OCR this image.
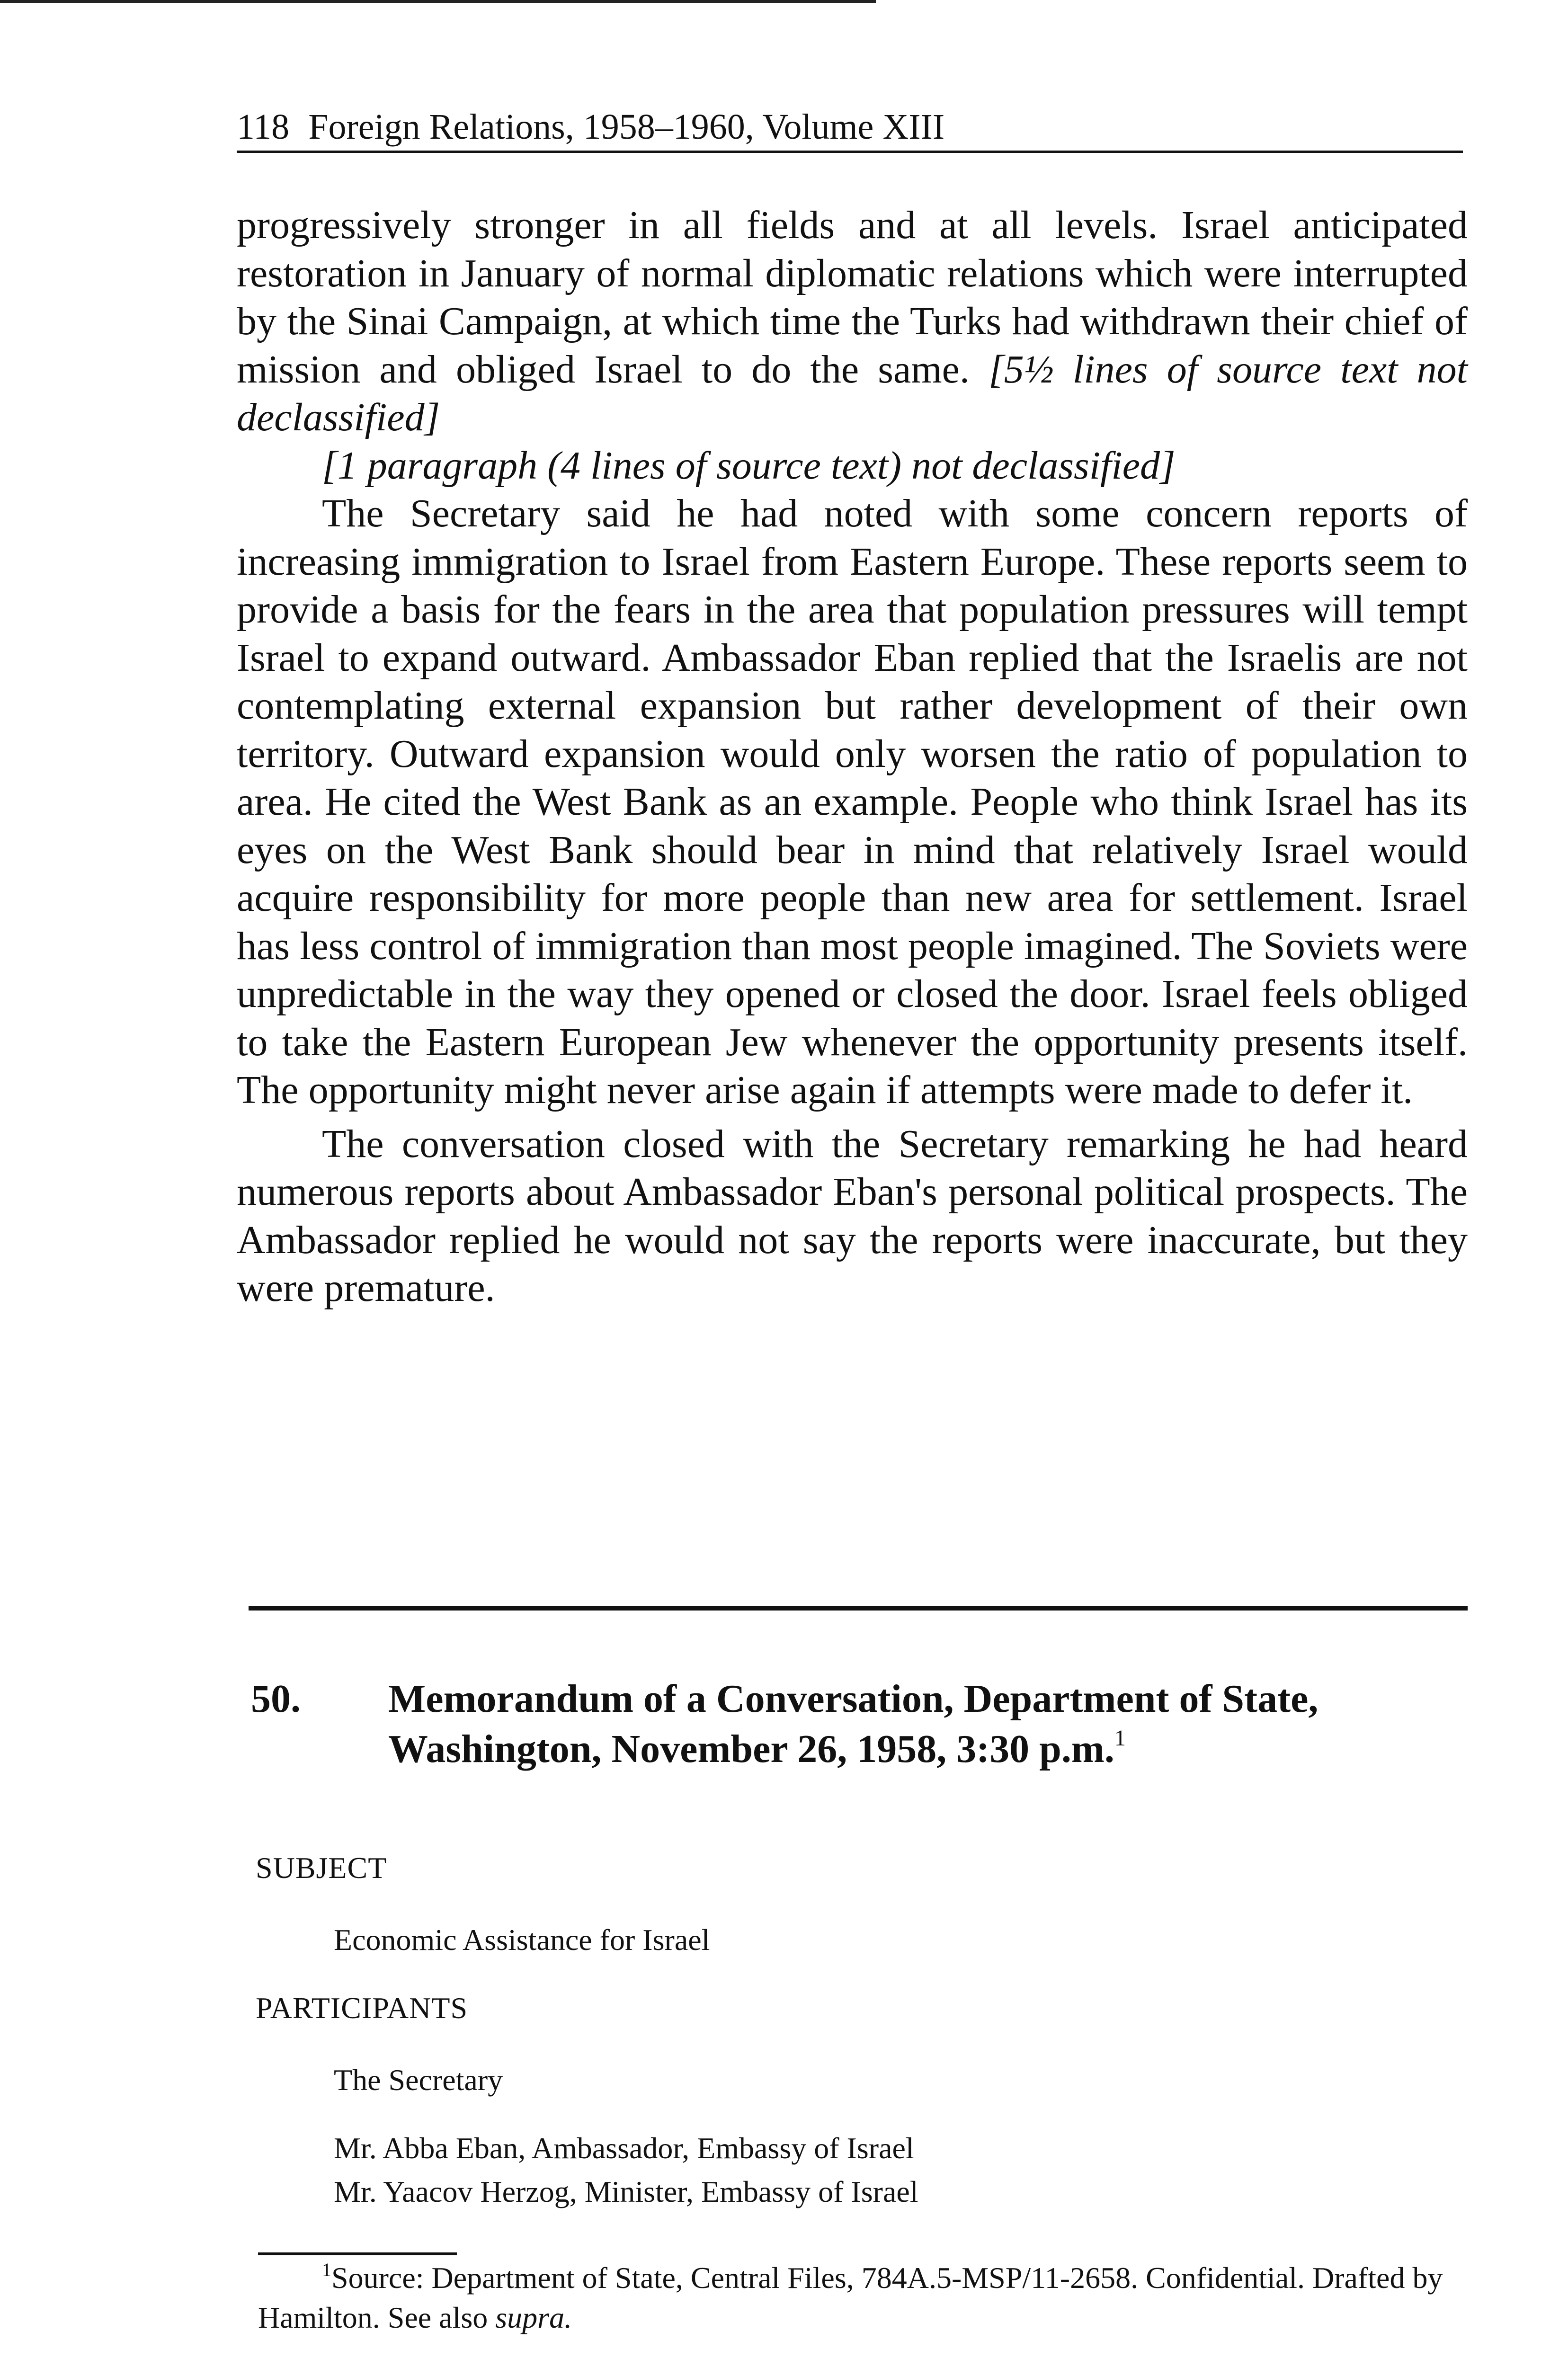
118 Foreign Relations, 1958–1960, Volume XIII

progressively stronger in all fields and at all levels. Israel anticipated restoration in January of normal diplomatic relations which were interrupted by the Sinai Campaign, at which time the Turks had withdrawn their chief of mission and obliged Israel to do the same. [5½ lines of source text not declassified]

[1 paragraph (4 lines of source text) not declassified]

The Secretary said he had noted with some concern reports of increasing immigration to Israel from Eastern Europe. These reports seem to provide a basis for the fears in the area that population pressures will tempt Israel to expand outward. Ambassador Eban replied that the Israelis are not contemplating external expansion but rather development of their own territory. Outward expansion would only worsen the ratio of population to area. He cited the West Bank as an example. People who think Israel has its eyes on the West Bank should bear in mind that relatively Israel would acquire responsibility for more people than new area for settlement. Israel has less control of immigration than most people imagined. The Soviets were unpredictable in the way they opened or closed the door. Israel feels obliged to take the Eastern European Jew whenever the opportunity presents itself. The opportunity might never arise again if attempts were made to defer it.

The conversation closed with the Secretary remarking he had heard numerous reports about Ambassador Eban's personal political prospects. The Ambassador replied he would not say the reports were inaccurate, but they were premature.

50. Memorandum of a Conversation, Department of State, Washington, November 26, 1958, 3:30 p.m.$^1$
SUBJECT
Economic Assistance for Israel
PARTICIPANTS
The Secretary
Mr. Abba Eban, Ambassador, Embassy of Israel
Mr. Yaacov Herzog, Minister, Embassy of Israel
$^1$Source: Department of State, Central Files, 784A.5-MSP/11-2658. Confidential. Drafted by Hamilton. See also supra.
